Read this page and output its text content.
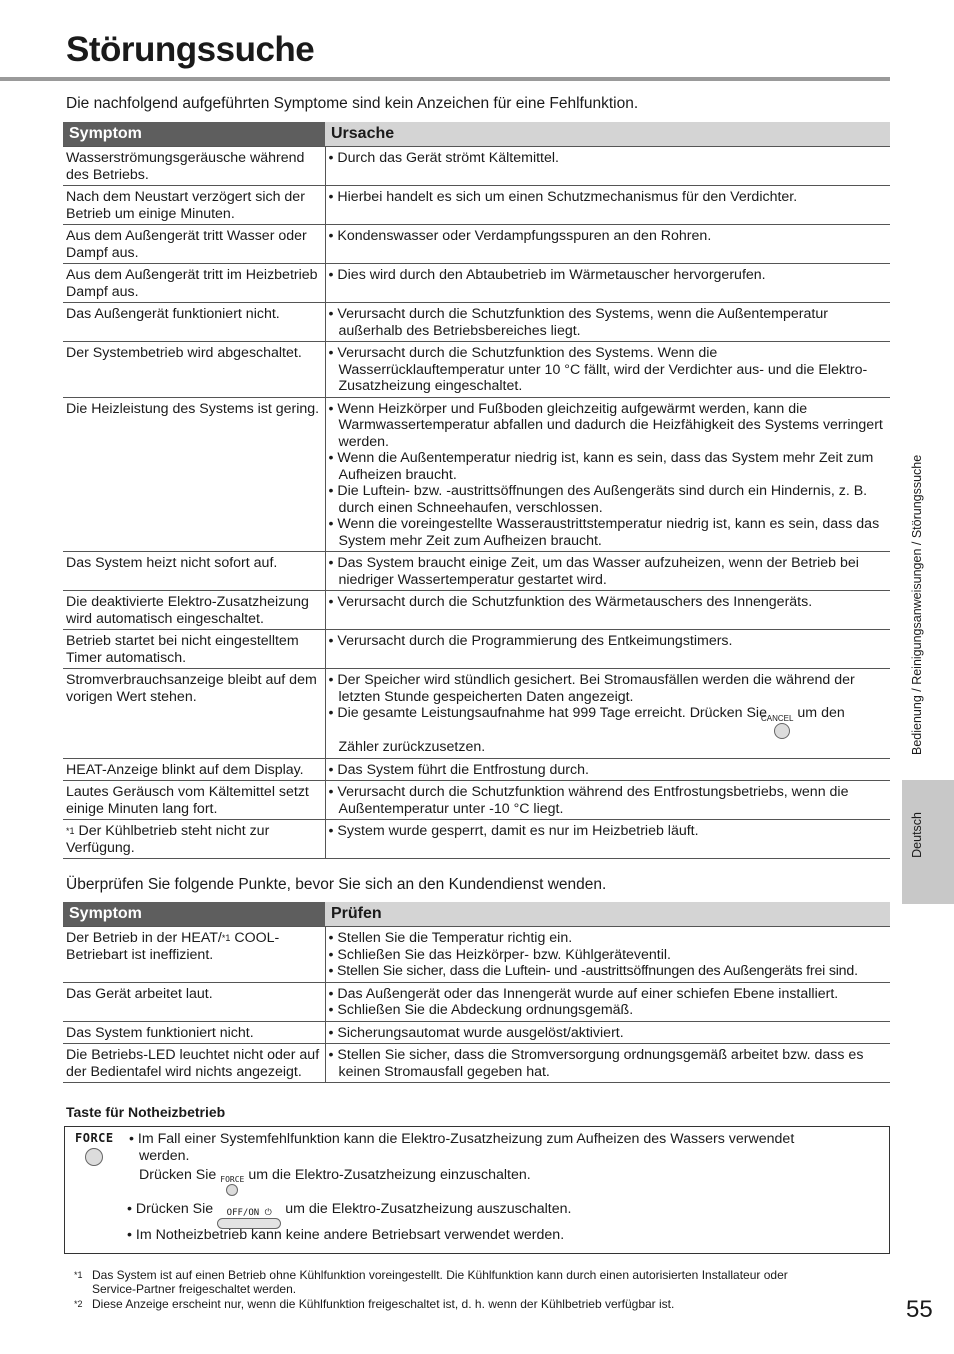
Störungssuche
Die nachfolgend aufgeführten Symptome sind kein Anzeichen für eine Fehlfunktion.
Symptom	Ursache
Wasserströmungsgeräusche während des Betriebs.	• Durch das Gerät strömt Kältemittel.

Nach dem Neustart verzögert sich der Betrieb um einige Minuten.	• Hierbei handelt es sich um einen Schutzmechanismus für den Verdichter.

Aus dem Außengerät tritt Wasser oder Dampf aus.	• Kondenswasser oder Verdampfungsspuren an den Rohren.

Aus dem Außengerät tritt im Heizbetrieb Dampf aus.	• Dies wird durch den Abtaubetrieb im Wärmetauscher hervorgerufen.

Das Außengerät funktioniert nicht.	• Verursacht durch die Schutzfunktion des Systems, wenn die Außentemperatur außerhalb des Betriebsbereiches liegt.

Der Systembetrieb wird abgeschaltet.	• Verursacht durch die Schutzfunktion des Systems. Wenn die Wasserrücklauftemperatur unter 10 °C fällt, wird der Verdichter aus- und die Elektro-Zusatzheizung eingeschaltet.

Die Heizleistung des Systems ist gering.	• Wenn Heizkörper und Fußboden gleichzeitig aufgewärmt werden, kann die Warmwassertemperatur abfallen und dadurch die Heizfähigkeit des Systems verringert werden.
• Wenn die Außentemperatur niedrig ist, kann es sein, dass das System mehr Zeit zum Aufheizen braucht.
• Die Luftein- bzw. -austrittsöffnungen des Außengeräts sind durch ein Hindernis, z. B. durch einen Schneehaufen, verschlossen.
• Wenn die voreingestellte Wasseraustrittstemperatur niedrig ist, kann es sein, dass das System mehr Zeit zum Aufheizen braucht.

Das System heizt nicht sofort auf.	• Das System braucht einige Zeit, um das Wasser aufzuheizen, wenn der Betrieb bei niedriger Wassertemperatur gestartet wird.

Die deaktivierte Elektro-Zusatzheizung wird automatisch eingeschaltet.	• Verursacht durch die Schutzfunktion des Wärmetauschers des Innengeräts.

Betrieb startet bei nicht eingestelltem Timer automatisch.	• Verursacht durch die Programmierung des Entkeimungstimers.

Stromverbrauchsanzeige bleibt auf dem vorigen Wert stehen.	• Der Speicher wird stündlich gesichert. Bei Stromausfällen werden die während der letzten Stunde gespeicherten Daten angezeigt.
• Die gesamte Leistungsaufnahme hat 999 Tage erreicht. Drücken Sie
CANCEL um den Zähler zurückzusetzen.

HEAT-Anzeige blinkt auf dem Display.	• Das System führt die Entfrostung durch.

Lautes Geräusch vom Kältemittel setzt einige Minuten lang fort.	• Verursacht durch die Schutzfunktion während des Entfrostungsbetriebs, wenn die Außentemperatur unter -10 °C liegt.

$^{*1}$ Der Kühlbetrieb steht nicht zur Verfügung.	• System wurde gesperrt, damit es nur im Heizbetrieb läuft.
Überprüfen Sie folgende Punkte, bevor Sie sich an den Kundendienst wenden.
Symptom	Prüfen
Der Betrieb in der HEAT/$^{*1}$ COOL-Betriebart ist ineffizient.	• Stellen Sie die Temperatur richtig ein.
• Schließen Sie das Heizkörper- bzw. Kühlgeräteventil.
• Stellen Sie sicher, dass die Luftein- und -austrittsöffnungen des Außengeräts frei sind.

Das Gerät arbeitet laut.	• Das Außengerät oder das Innengerät wurde auf einer schiefen Ebene installiert.
• Schließen Sie die Abdeckung ordnungsgemäß.

Das System funktioniert nicht.	• Sicherungsautomat wurde ausgelöst/aktiviert.

Die Betriebs-LED leuchtet nicht oder auf der Bedientafel wird nichts angezeigt.	• Stellen Sie sicher, dass die Stromversorgung ordnungsgemäß arbeitet bzw. dass es keinen Stromausfall gegeben hat.
Taste für Notheizbetrieb
FORCE • Im Fall einer Systemfehlfunktion kann die Elektro-Zusatzheizung zum Aufheizen des Wassers verwendet
werden.
Drücken Sie FORCE um die Elektro-Zusatzheizung einzuschalten.
• Drücken Sie OFF/ON ⏻ um die Elektro-Zusatzheizung auszuschalten.
• Im Notheizbetrieb kann keine andere Betriebsart verwendet werden.
*1 Das System ist auf einen Betrieb ohne Kühlfunktion voreingestellt. Die Kühlfunktion kann durch einen autorisierten Installateur oder
Service-Partner freigeschaltet werden.
*2 Diese Anzeige erscheint nur, wenn die Kühlfunktion freigeschaltet ist, d. h. wenn der Kühlbetrieb verfügbar ist.
Bedienung / Reinigungsanweisungen / Störungssuche
Deutsch
55
